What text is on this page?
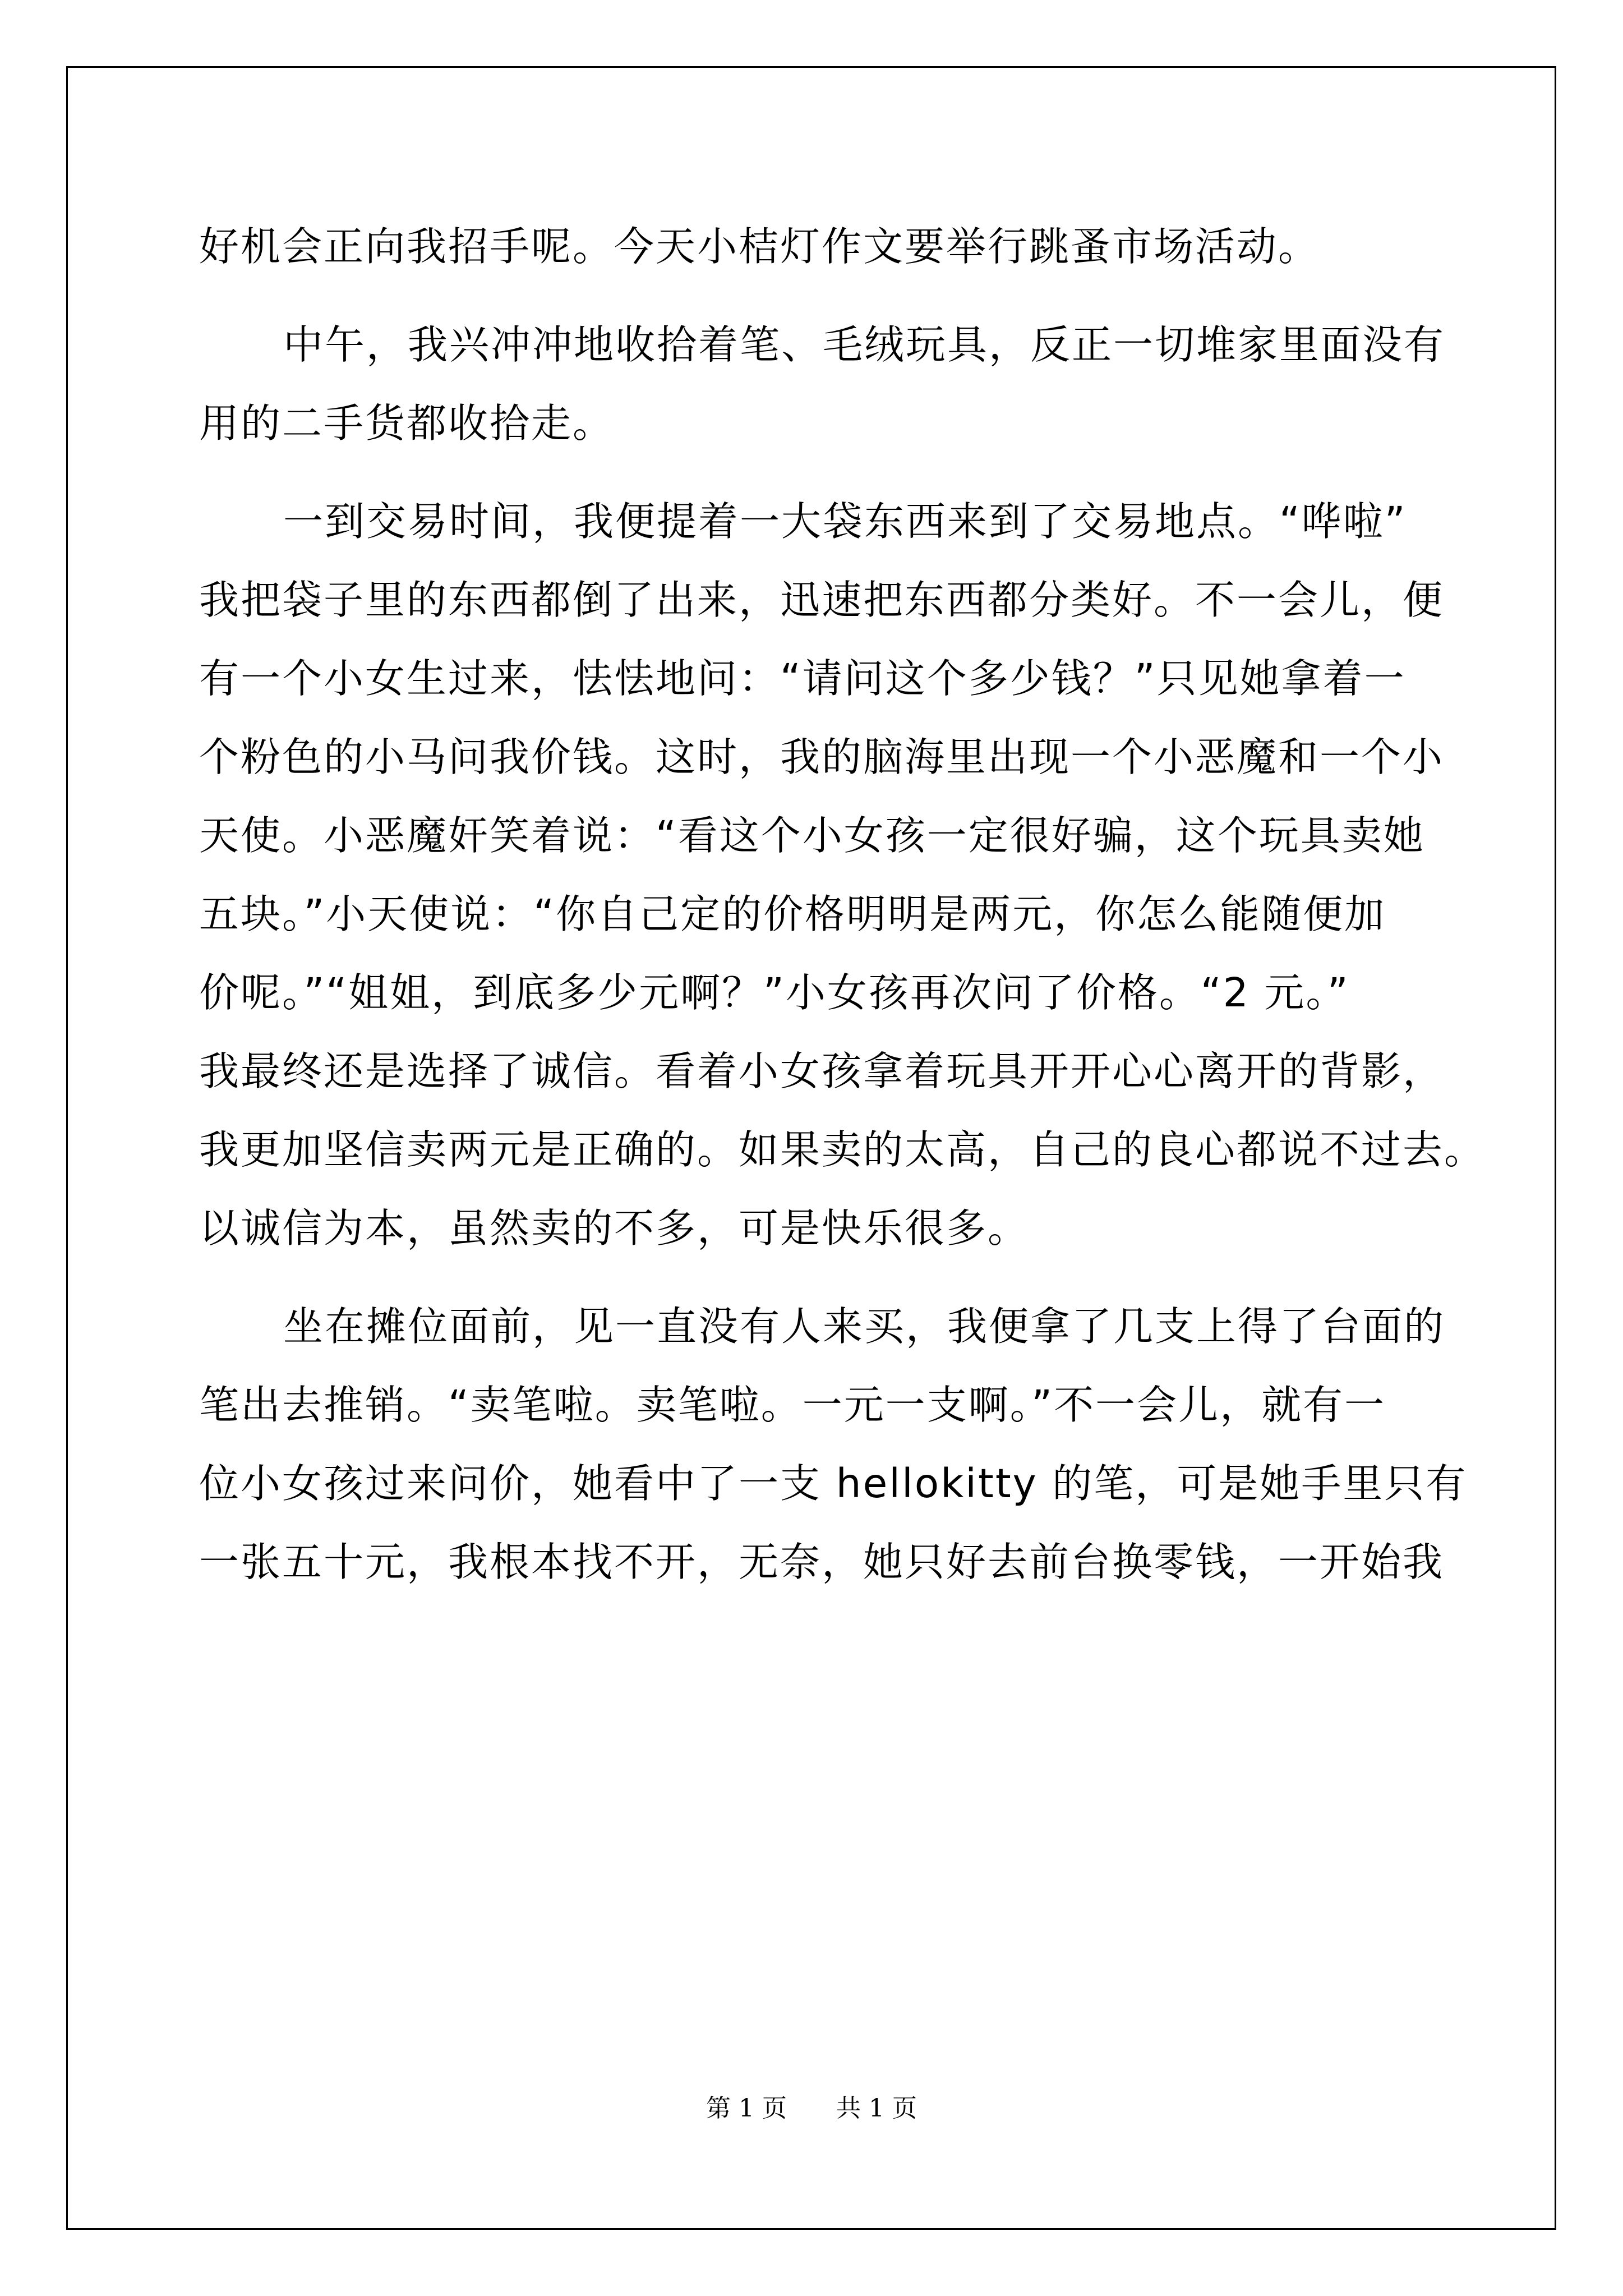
好机会正向我招手呢。今天小桔灯作文要举行跳蚤市场活动。
中午，我兴冲冲地收拾着笔、毛绒玩具，反正一切堆家里面没有
用的二手货都收拾走。
一到交易时间，我便提着一大袋东西来到了交易地点。“哗啦”
我把袋子里的东西都倒了出来，迅速把东西都分类好。不一会儿，便
有一个小女生过来，怯怯地问：“请问这个多少钱？”只见她拿着一
个粉色的小马问我价钱。这时，我的脑海里出现一个小恶魔和一个小
天使。小恶魔奸笑着说：“看这个小女孩一定很好骗，这个玩具卖她
五块。”小天使说：“你自己定的价格明明是两元，你怎么能随便加
价呢。”“姐姐，到底多少元啊？”小女孩再次问了价格。“2 元。”
我最终还是选择了诚信。看着小女孩拿着玩具开开心心离开的背影，
我更加坚信卖两元是正确的。如果卖的太高，自己的良心都说不过去。
以诚信为本，虽然卖的不多，可是快乐很多。
坐在摊位面前，见一直没有人来买，我便拿了几支上得了台面的
笔出去推销。“卖笔啦。卖笔啦。一元一支啊。”不一会儿，就有一
位小女孩过来问价，她看中了一支 hellokitty 的笔，可是她手里只有
一张五十元，我根本找不开，无奈，她只好去前台换零钱，一开始我
第 1 页 共 1 页
